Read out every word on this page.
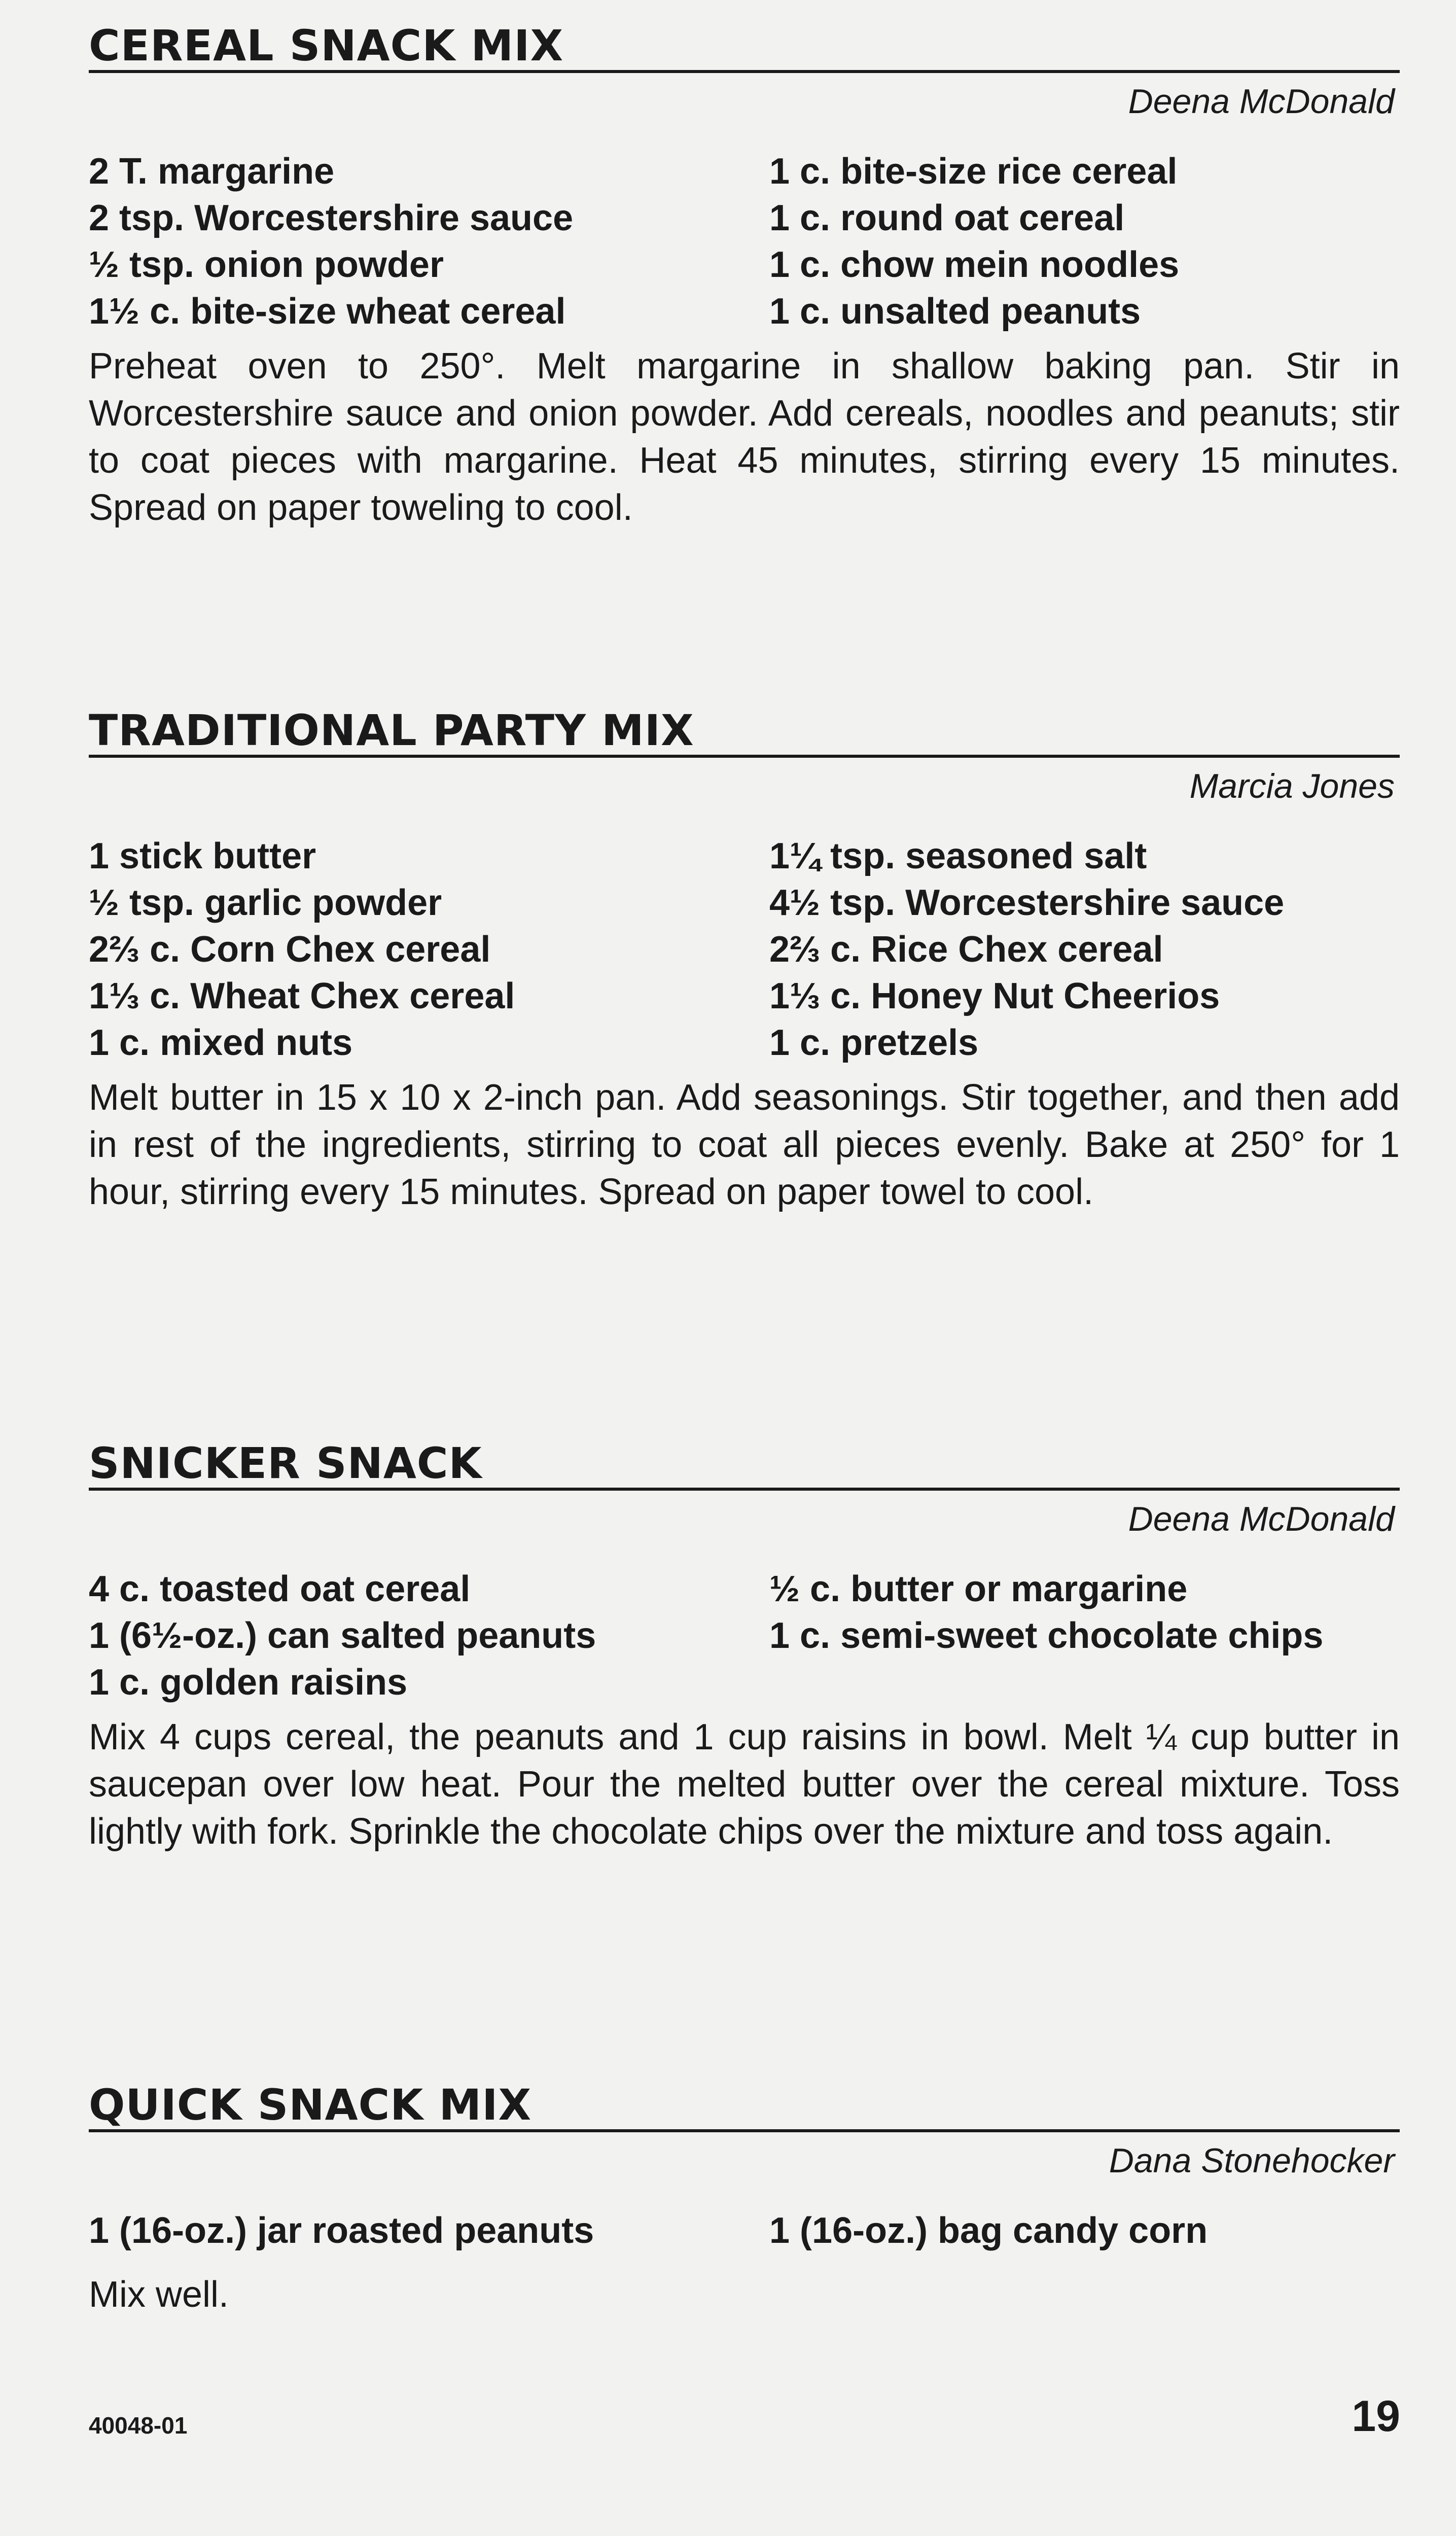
CEREAL SNACK MIX
Deena McDonald
2 T. margarine	1 c. bite-size rice cereal
2 tsp. Worcestershire sauce	1 c. round oat cereal
½ tsp. onion powder	1 c. chow mein noodles
1½ c. bite-size wheat cereal	1 c. unsalted peanuts
Preheat oven to 250°. Melt margarine in shallow baking pan. Stir in Worcestershire sauce and onion powder. Add cereals, noodles and peanuts; stir to coat pieces with margarine. Heat 45 minutes, stirring every 15 minutes. Spread on paper toweling to cool.
TRADITIONAL PARTY MIX
Marcia Jones
1 stick butter	1¼ tsp. seasoned salt
½ tsp. garlic powder	4½ tsp. Worcestershire sauce
2⅔ c. Corn Chex cereal	2⅔ c. Rice Chex cereal
1⅓ c. Wheat Chex cereal	1⅓ c. Honey Nut Cheerios
1 c. mixed nuts	1 c. pretzels
Melt butter in 15 x 10 x 2-inch pan. Add seasonings. Stir together, and then add in rest of the ingredients, stirring to coat all pieces evenly. Bake at 250° for 1 hour, stirring every 15 minutes. Spread on paper towel to cool.
SNICKER SNACK
Deena McDonald
4 c. toasted oat cereal	½ c. butter or margarine
1 (6½-oz.) can salted peanuts	1 c. semi-sweet chocolate chips
1 c. golden raisins
Mix 4 cups cereal, the peanuts and 1 cup raisins in bowl. Melt ¼ cup butter in saucepan over low heat. Pour the melted butter over the cereal mixture. Toss lightly with fork. Sprinkle the chocolate chips over the mixture and toss again.
QUICK SNACK MIX
Dana Stonehocker
1 (16-oz.) jar roasted peanuts	1 (16-oz.) bag candy corn
Mix well.
40048-01	19
